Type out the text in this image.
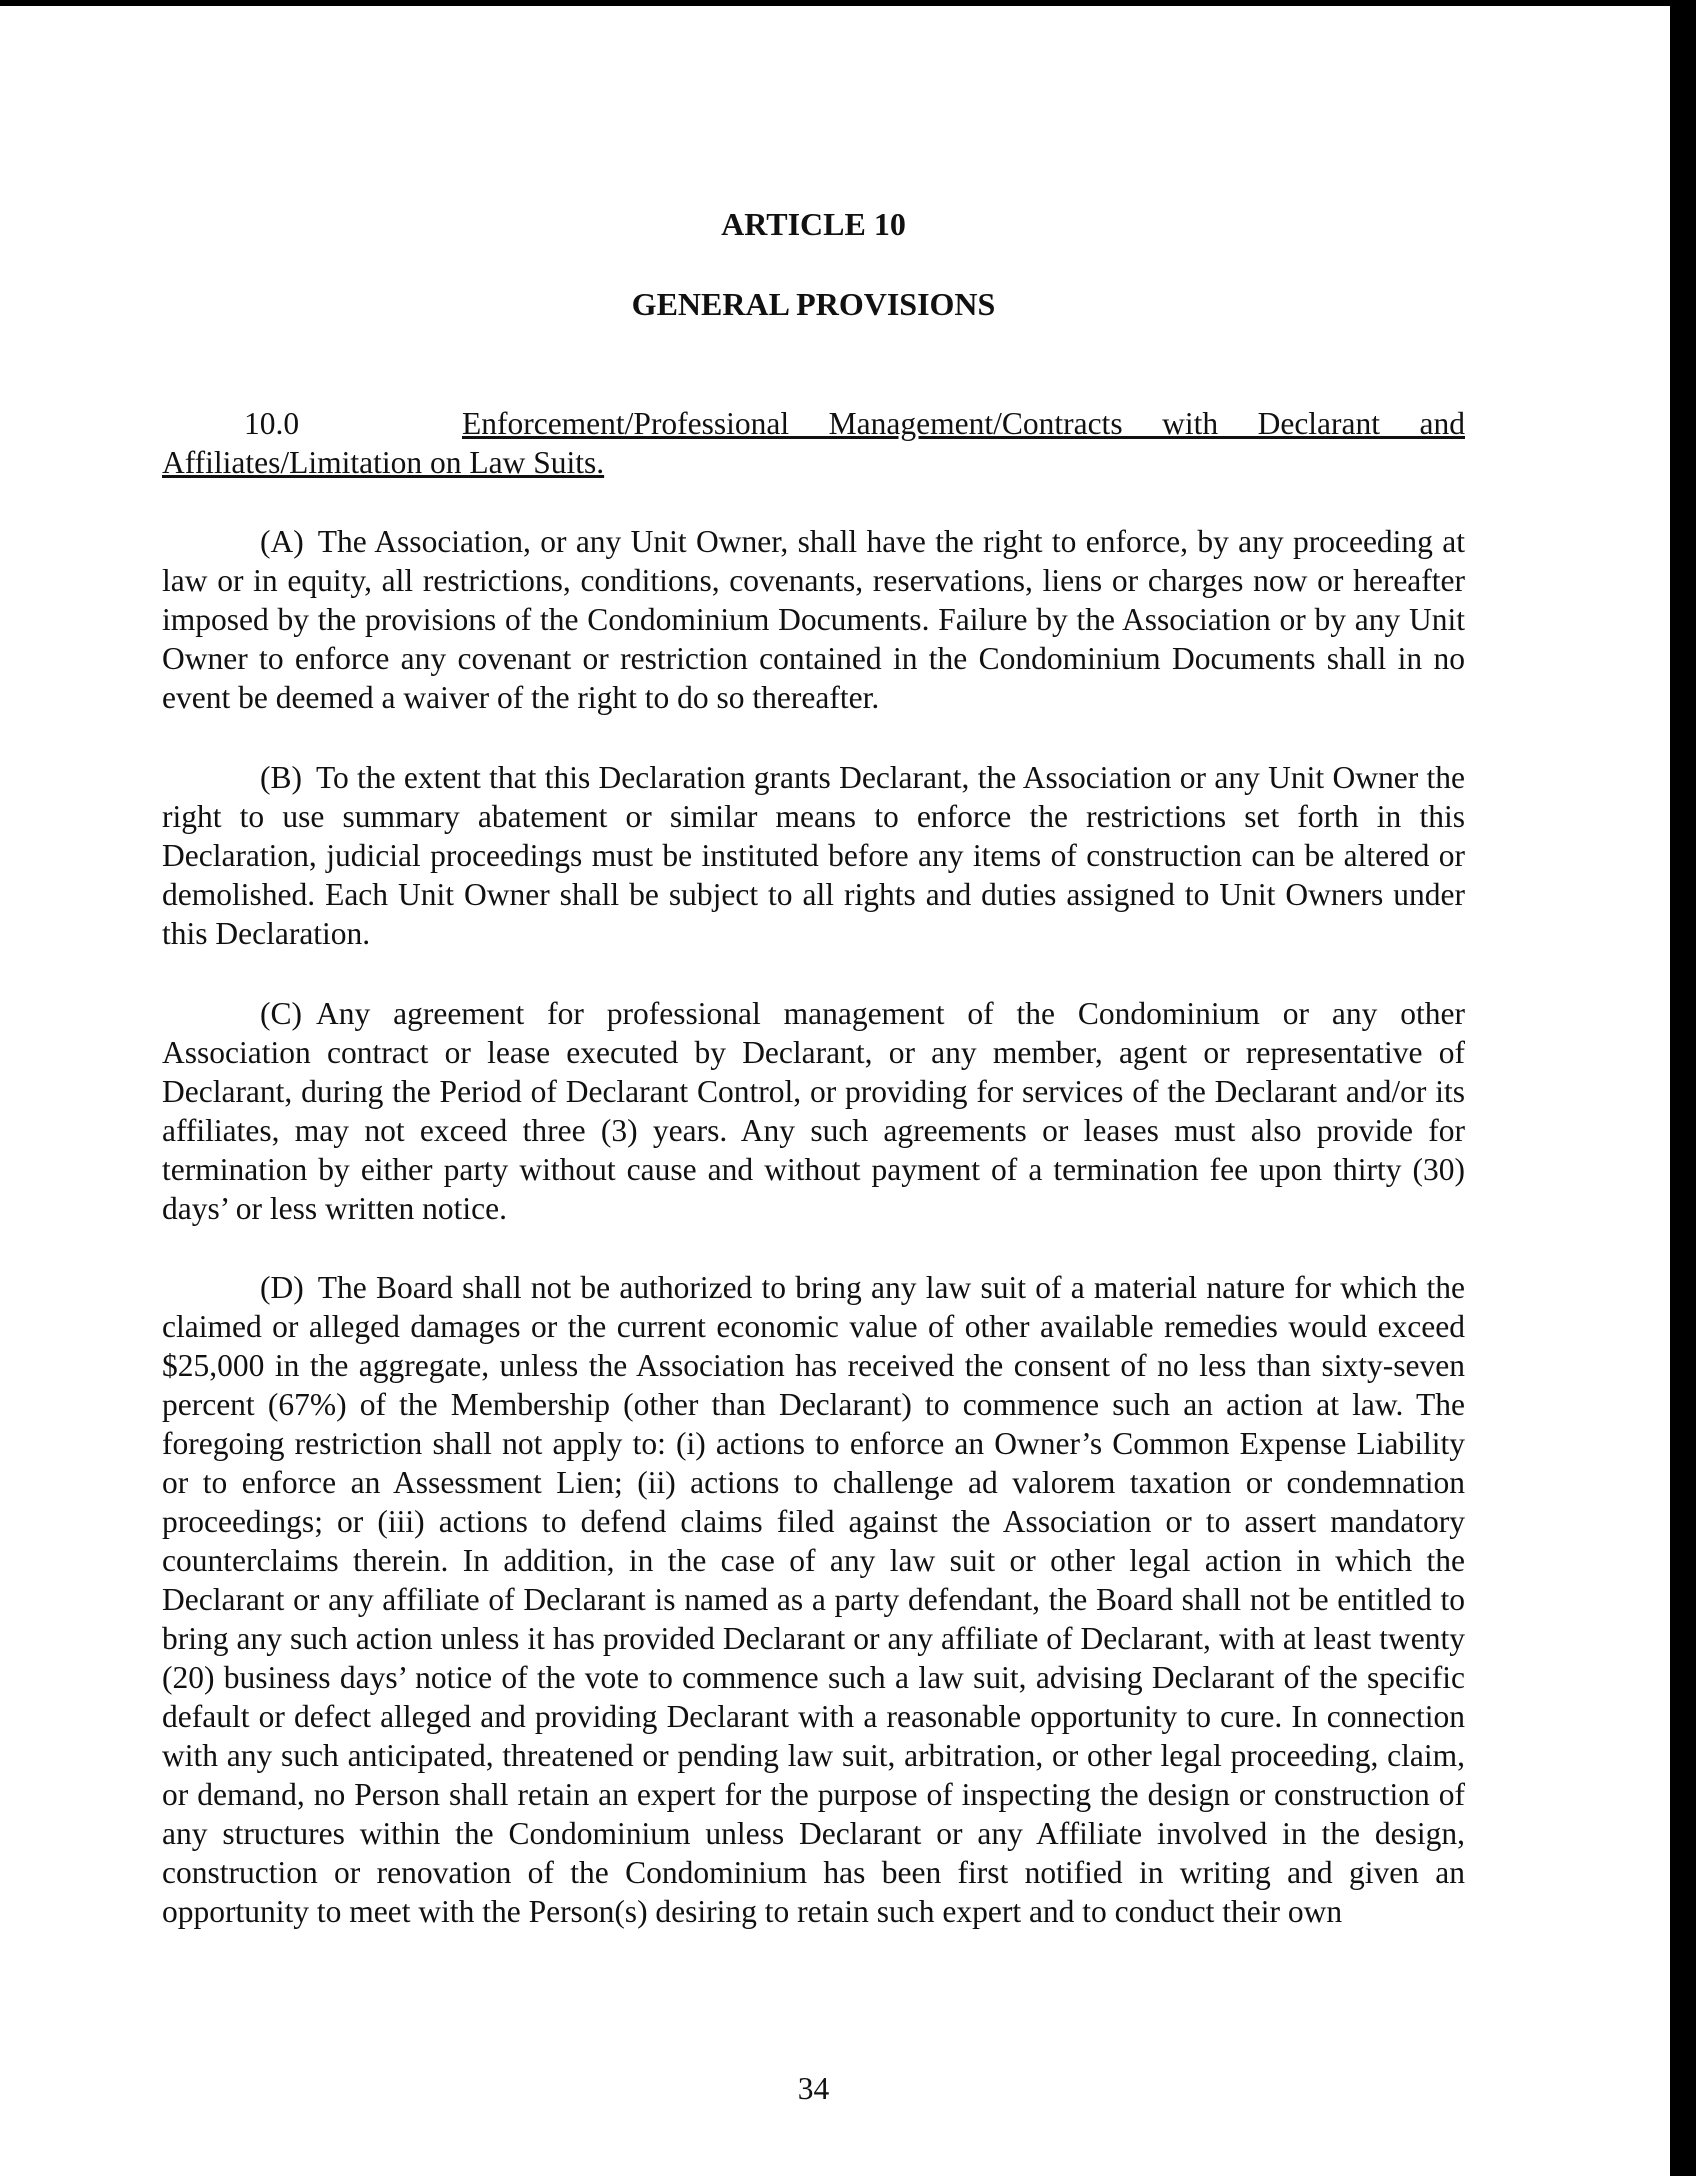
ARTICLE 10
GENERAL PROVISIONS
10.0	Enforcement/Professional Management/Contracts with Declarant and Affiliates/Limitation on Law Suits.

(A) The Association, or any Unit Owner, shall have the right to enforce, by any proceeding at law or in equity, all restrictions, conditions, covenants, reservations, liens or charges now or hereafter imposed by the provisions of the Condominium Documents. Failure by the Association or by any Unit Owner to enforce any covenant or restriction contained in the Condominium Documents shall in no event be deemed a waiver of the right to do so thereafter.

(B) To the extent that this Declaration grants Declarant, the Association or any Unit Owner the right to use summary abatement or similar means to enforce the restrictions set forth in this Declaration, judicial proceedings must be instituted before any items of construction can be altered or demolished. Each Unit Owner shall be subject to all rights and duties assigned to Unit Owners under this Declaration.

(C) Any agreement for professional management of the Condominium or any other Association contract or lease executed by Declarant, or any member, agent or representative of Declarant, during the Period of Declarant Control, or providing for services of the Declarant and/or its affiliates, may not exceed three (3) years. Any such agreements or leases must also provide for termination by either party without cause and without payment of a termination fee upon thirty (30) days’ or less written notice.

(D) The Board shall not be authorized to bring any law suit of a material nature for which the claimed or alleged damages or the current economic value of other available remedies would exceed $25,000 in the aggregate, unless the Association has received the consent of no less than sixty-seven percent (67%) of the Membership (other than Declarant) to commence such an action at law. The foregoing restriction shall not apply to: (i) actions to enforce an Owner’s Common Expense Liability or to enforce an Assessment Lien; (ii) actions to challenge ad valorem taxation or condemnation proceedings; or (iii) actions to defend claims filed against the Association or to assert mandatory counterclaims therein. In addition, in the case of any law suit or other legal action in which the Declarant or any affiliate of Declarant is named as a party defendant, the Board shall not be entitled to bring any such action unless it has provided Declarant or any affiliate of Declarant, with at least twenty (20) business days’ notice of the vote to commence such a law suit, advising Declarant of the specific default or defect alleged and providing Declarant with a reasonable opportunity to cure. In connection with any such anticipated, threatened or pending law suit, arbitration, or other legal proceeding, claim, or demand, no Person shall retain an expert for the purpose of inspecting the design or construction of any structures within the Condominium unless Declarant or any Affiliate involved in the design, construction or renovation of the Condominium has been first notified in writing and given an opportunity to meet with the Person(s) desiring to retain such expert and to conduct their own

34
